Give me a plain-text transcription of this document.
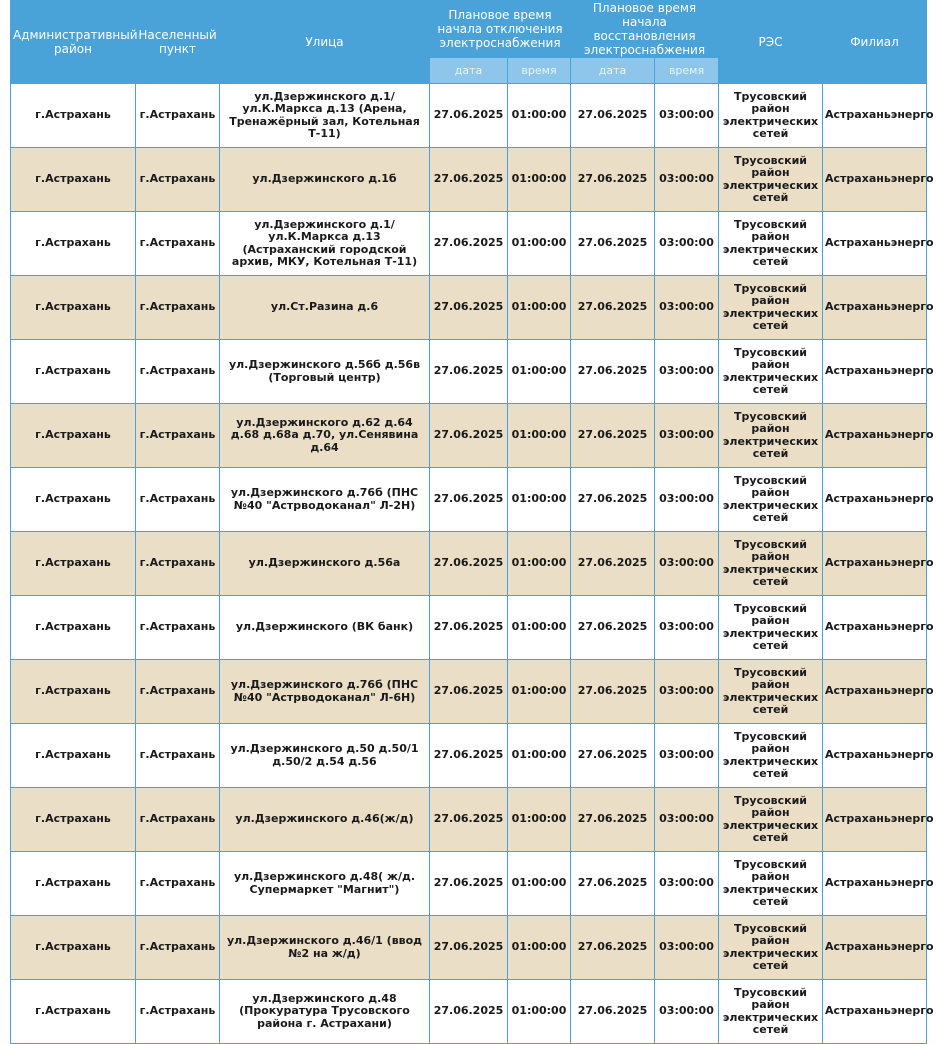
Административный район	Населенный пункт	Улица	Плановое время начала отключения электроснабжения		Плановое время начала восстановления электроснабжения		РЭС	Филиал
			дата	время	дата	время		
г.Астрахань	г.Астрахань	ул.Дзержинского д.1/ул.К.Маркса д.13 (Арена, Тренажёрный зал, Котельная Т-11)	27.06.2025	01:00:00	27.06.2025	03:00:00	Трусовский район электрических сетей	Астраханьэнерго
г.Астрахань	г.Астрахань	ул.Дзержинского д.1б	27.06.2025	01:00:00	27.06.2025	03:00:00	Трусовский район электрических сетей	Астраханьэнерго
г.Астрахань	г.Астрахань	ул.Дзержинского д.1/ ул.К.Маркса д.13 (Астраханский городской архив, МКУ, Котельная Т-11)	27.06.2025	01:00:00	27.06.2025	03:00:00	Трусовский район электрических сетей	Астраханьэнерго
г.Астрахань	г.Астрахань	ул.Ст.Разина д.6	27.06.2025	01:00:00	27.06.2025	03:00:00	Трусовский район электрических сетей	Астраханьэнерго
г.Астрахань	г.Астрахань	ул.Дзержинского д.56б д.56в (Торговый центр)	27.06.2025	01:00:00	27.06.2025	03:00:00	Трусовский район электрических сетей	Астраханьэнерго
г.Астрахань	г.Астрахань	ул.Дзержинского д.62 д.64 д.68 д.68а д.70, ул.Сенявина д.64	27.06.2025	01:00:00	27.06.2025	03:00:00	Трусовский район электрических сетей	Астраханьэнерго
г.Астрахань	г.Астрахань	ул.Дзержинского д.76б (ПНС №40 "Астрводоканал" Л-2Н)	27.06.2025	01:00:00	27.06.2025	03:00:00	Трусовский район электрических сетей	Астраханьэнерго
г.Астрахань	г.Астрахань	ул.Дзержинского д.56а	27.06.2025	01:00:00	27.06.2025	03:00:00	Трусовский район электрических сетей	Астраханьэнерго
г.Астрахань	г.Астрахань	ул.Дзержинского (ВК банк)	27.06.2025	01:00:00	27.06.2025	03:00:00	Трусовский район электрических сетей	Астраханьэнерго
г.Астрахань	г.Астрахань	ул.Дзержинского д.76б (ПНС №40 "Астрводоканал" Л-6Н)	27.06.2025	01:00:00	27.06.2025	03:00:00	Трусовский район электрических сетей	Астраханьэнерго
г.Астрахань	г.Астрахань	ул.Дзержинского д.50 д.50/1 д.50/2 д.54 д.56	27.06.2025	01:00:00	27.06.2025	03:00:00	Трусовский район электрических сетей	Астраханьэнерго
г.Астрахань	г.Астрахань	ул.Дзержинского д.46(ж/д)	27.06.2025	01:00:00	27.06.2025	03:00:00	Трусовский район электрических сетей	Астраханьэнерго
г.Астрахань	г.Астрахань	ул.Дзержинского д.48( ж/д. Супермаркет "Магнит")	27.06.2025	01:00:00	27.06.2025	03:00:00	Трусовский район электрических сетей	Астраханьэнерго
г.Астрахань	г.Астрахань	ул.Дзержинского д.46/1 (ввод №2 на ж/д)	27.06.2025	01:00:00	27.06.2025	03:00:00	Трусовский район электрических сетей	Астраханьэнерго
г.Астрахань	г.Астрахань	ул.Дзержинского д.48 (Прокуратура Трусовского района г. Астрахани)	27.06.2025	01:00:00	27.06.2025	03:00:00	Трусовский район электрических сетей	Астраханьэнерго
